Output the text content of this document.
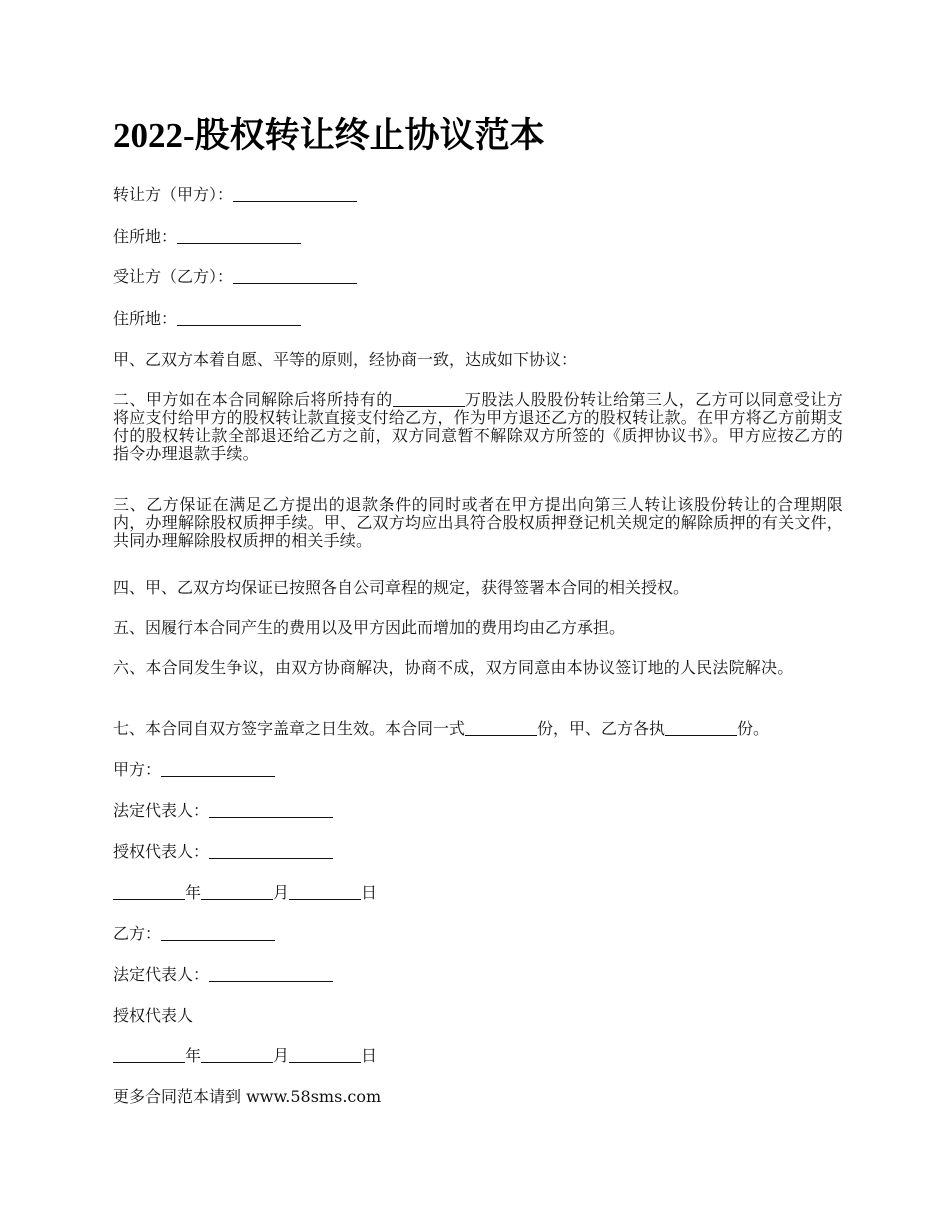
2022-股权转让终止协议范本
转让方（甲方）：
住所地：
受让方（乙方）：
住所地：
甲、乙双方本着自愿、平等的原则，经协商一致，达成如下协议：
二、甲方如在本合同解除后将所持有的	万股法人股股份转让给第三人，乙方可以同意受让方将应支付给甲方的股权转让款直接支付给乙方，作为甲方退还乙方的股权转让款。在甲方将乙方前期支付的股权转让款全部退还给乙方之前，双方同意暂不解除双方所签的《质押协议书》。甲方应按乙方的指令办理退款手续。
三、乙方保证在满足乙方提出的退款条件的同时或者在甲方提出向第三人转让该股份转让的合理期限内，办理解除股权质押手续。甲、乙双方均应出具符合股权质押登记机关规定的解除质押的有关文件，共同办理解除股权质押的相关手续。
四、甲、乙双方均保证已按照各自公司章程的规定，获得签署本合同的相关授权。
五、因履行本合同产生的费用以及甲方因此而增加的费用均由乙方承担。
六、本合同发生争议，由双方协商解决，协商不成，双方同意由本协议签订地的人民法院解决。
七、本合同自双方签字盖章之日生效。本合同一式	份，甲、乙方各执	份。
甲方：
法定代表人：
授权代表人：
年	月	日
乙方：
法定代表人：
授权代表人
年	月	日
更多合同范本请到 www.58sms.com
